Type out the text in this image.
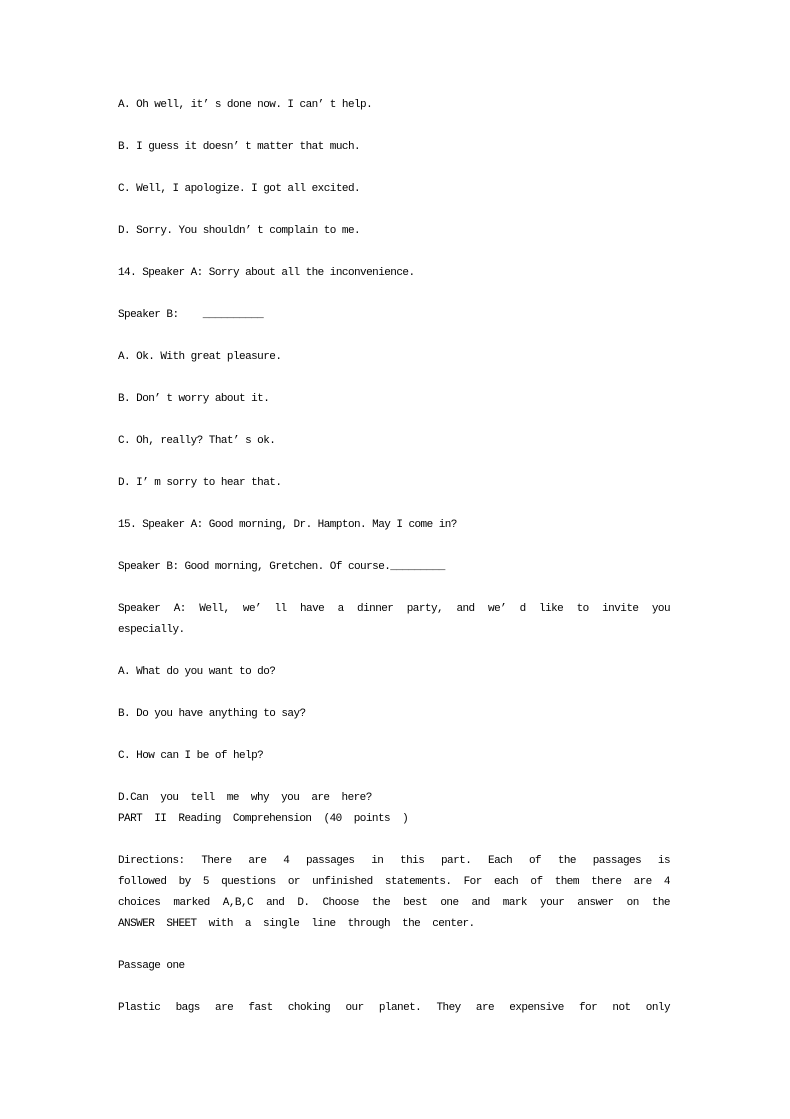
A. Oh well, it’ s done now. I can’ t help.
B. I guess it doesn’ t matter that much.
C. Well, I apologize. I got all excited.
D. Sorry. You shouldn’ t complain to me.
14. Speaker A: Sorry about all the inconvenience.
Speaker B:    __________
A. Ok. With great pleasure.
B. Don’ t worry about it.
C. Oh, really? That’ s ok.
D. I’ m sorry to hear that.
15. Speaker A: Good morning, Dr. Hampton. May I come in?
Speaker B: Good morning, Gretchen. Of course._________
Speaker A: Well, we’ ll have a dinner party, and we’ d like to invite you
especially.
A. What do you want to do?
B. Do you have anything to say?
C. How can I be of help?
D.Can you tell me why you are here?
PART II Reading Comprehension (40 points )
Directions: There are 4 passages in this part. Each of the passages is
followed by 5 questions or unfinished statements. For each of them there are 4
choices marked A,B,C and D. Choose the best one and mark your answer on the
ANSWER SHEET with a single line through the center.
Passage one
Plastic bags are fast choking our planet. They are expensive for not only
